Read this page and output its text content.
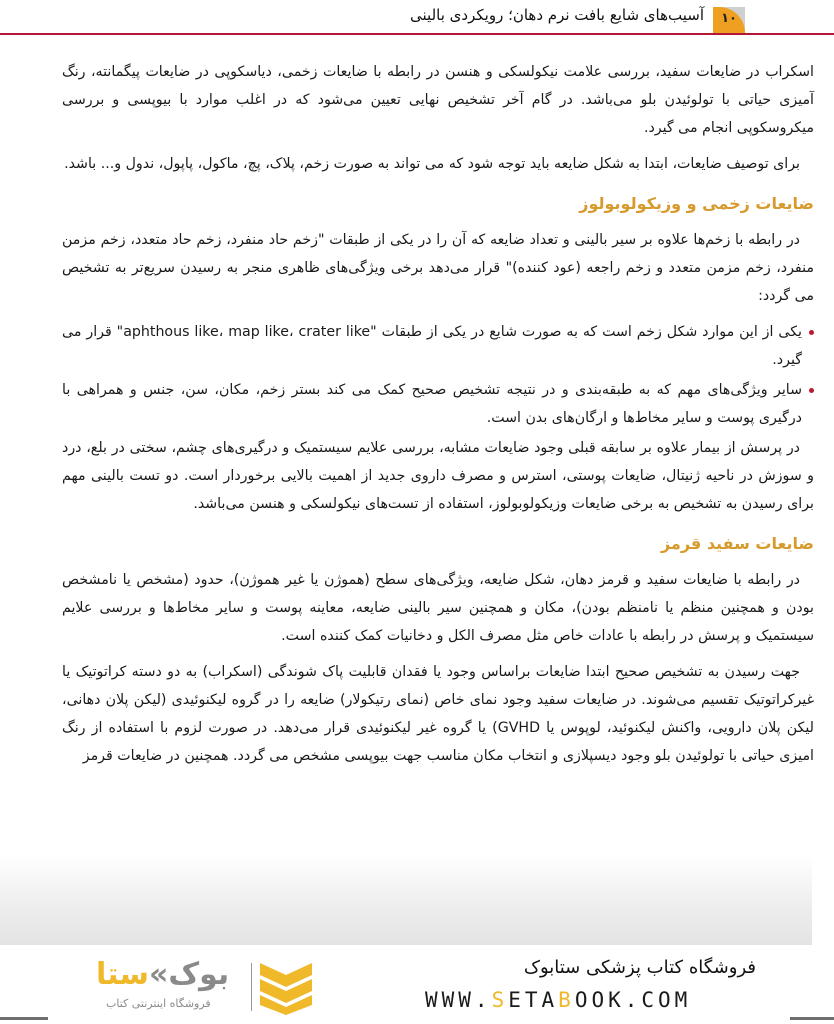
۱۰
آسیب‌های شایع بافت نرم دهان؛ رویکردی بالینی

اسکراب در ضایعات سفید، بررسی علامت نیکولسکی و هنسن در رابطه با ضایعات زخمی، دیاسکوپی در ضایعات پیگمانته، رنگ آمیزی حیاتی با تولوئیدن بلو می‌باشد. در گام آخر تشخیص نهایی تعیین می‌شود که در اغلب موارد با بیوپسی و بررسی میکروسکوپی انجام می گیرد.

برای توصیف ضایعات، ابتدا به شکل ضایعه باید توجه شود که می تواند به صورت زخم، پلاک، پچ، ماکول، پاپول، ندول و... باشد.

ضایعات زخمی و وزیکولوبولوز

در رابطه با زخم‌ها علاوه بر سیر بالینی و تعداد ضایعه که آن را در یکی از طبقات "زخم حاد منفرد، زخم حاد متعدد، زخم مزمن منفرد، زخم مزمن متعدد و زخم راجعه (عود کننده)" قرار می‌دهد برخی ویژگی‌های ظاهری منجر به رسیدن سریع‌تر به تشخیص می گردد:

یکی از این موارد شکل زخم است که به صورت شایع در یکی از طبقات "aphthous like، map like، crater like" قرار می گیرد.
سایر ویژگی‌های مهم که به طبقه‌بندی و در نتیجه تشخیص صحیح کمک می کند بستر زخم، مکان، سن، جنس و همراهی با درگیری پوست و سایر مخاط‌ها و ارگان‌های بدن است.

در پرسش از بیمار علاوه بر سابقه قبلی وجود ضایعات مشابه، بررسی علایم سیستمیک و درگیری‌های چشم، سختی در بلع، درد و سوزش در ناحیه ژنیتال، ضایعات پوستی، استرس و مصرف داروی جدید از اهمیت بالایی برخوردار است. دو تست بالینی مهم برای رسیدن به تشخیص به برخی ضایعات وزیکولوبولوز، استفاده از تست‌های نیکولسکی و هنسن می‌باشد.

ضایعات سفید قرمز

در رابطه با ضایعات سفید و قرمز دهان، شکل ضایعه، ویژگی‌های سطح (هموژن یا غیر هموژن)، حدود (مشخص یا نامشخص بودن و همچنین منظم یا نامنظم بودن)، مکان و همچنین سیر بالینی ضایعه، معاینه پوست و سایر مخاط‌ها و بررسی علایم سیستمیک و پرسش در رابطه با عادات خاص مثل مصرف الکل و دخانیات کمک کننده است.

جهت رسیدن به تشخیص صحیح ابتدا ضایعات براساس وجود یا فقدان قابلیت پاک شوندگی (اسکراب) به دو دسته کراتوتیک یا غیرکراتوتیک تقسیم می‌شوند. در ضایعات سفید وجود نمای خاص (نمای رتیکولار) ضایعه را در گروه لیکنوئیدی (لیکن پلان دهانی، لیکن پلان دارویی، واکنش لیکنوئید، لوپوس یا GVHD) یا گروه غیر لیکنوئیدی قرار می‌دهد. در صورت لزوم با استفاده از رنگ امیزی حیاتی با تولوئیدن بلو وجود دیسپلازی و انتخاب مکان مناسب جهت بیوپسی مشخص می گردد. همچنین در ضایعات قرمز

بوک»ستا
فروشگاه اینترنتی کتاب
فروشگاه کتاب پزشکی ستابوک
WWW.SETABOOK.COM
